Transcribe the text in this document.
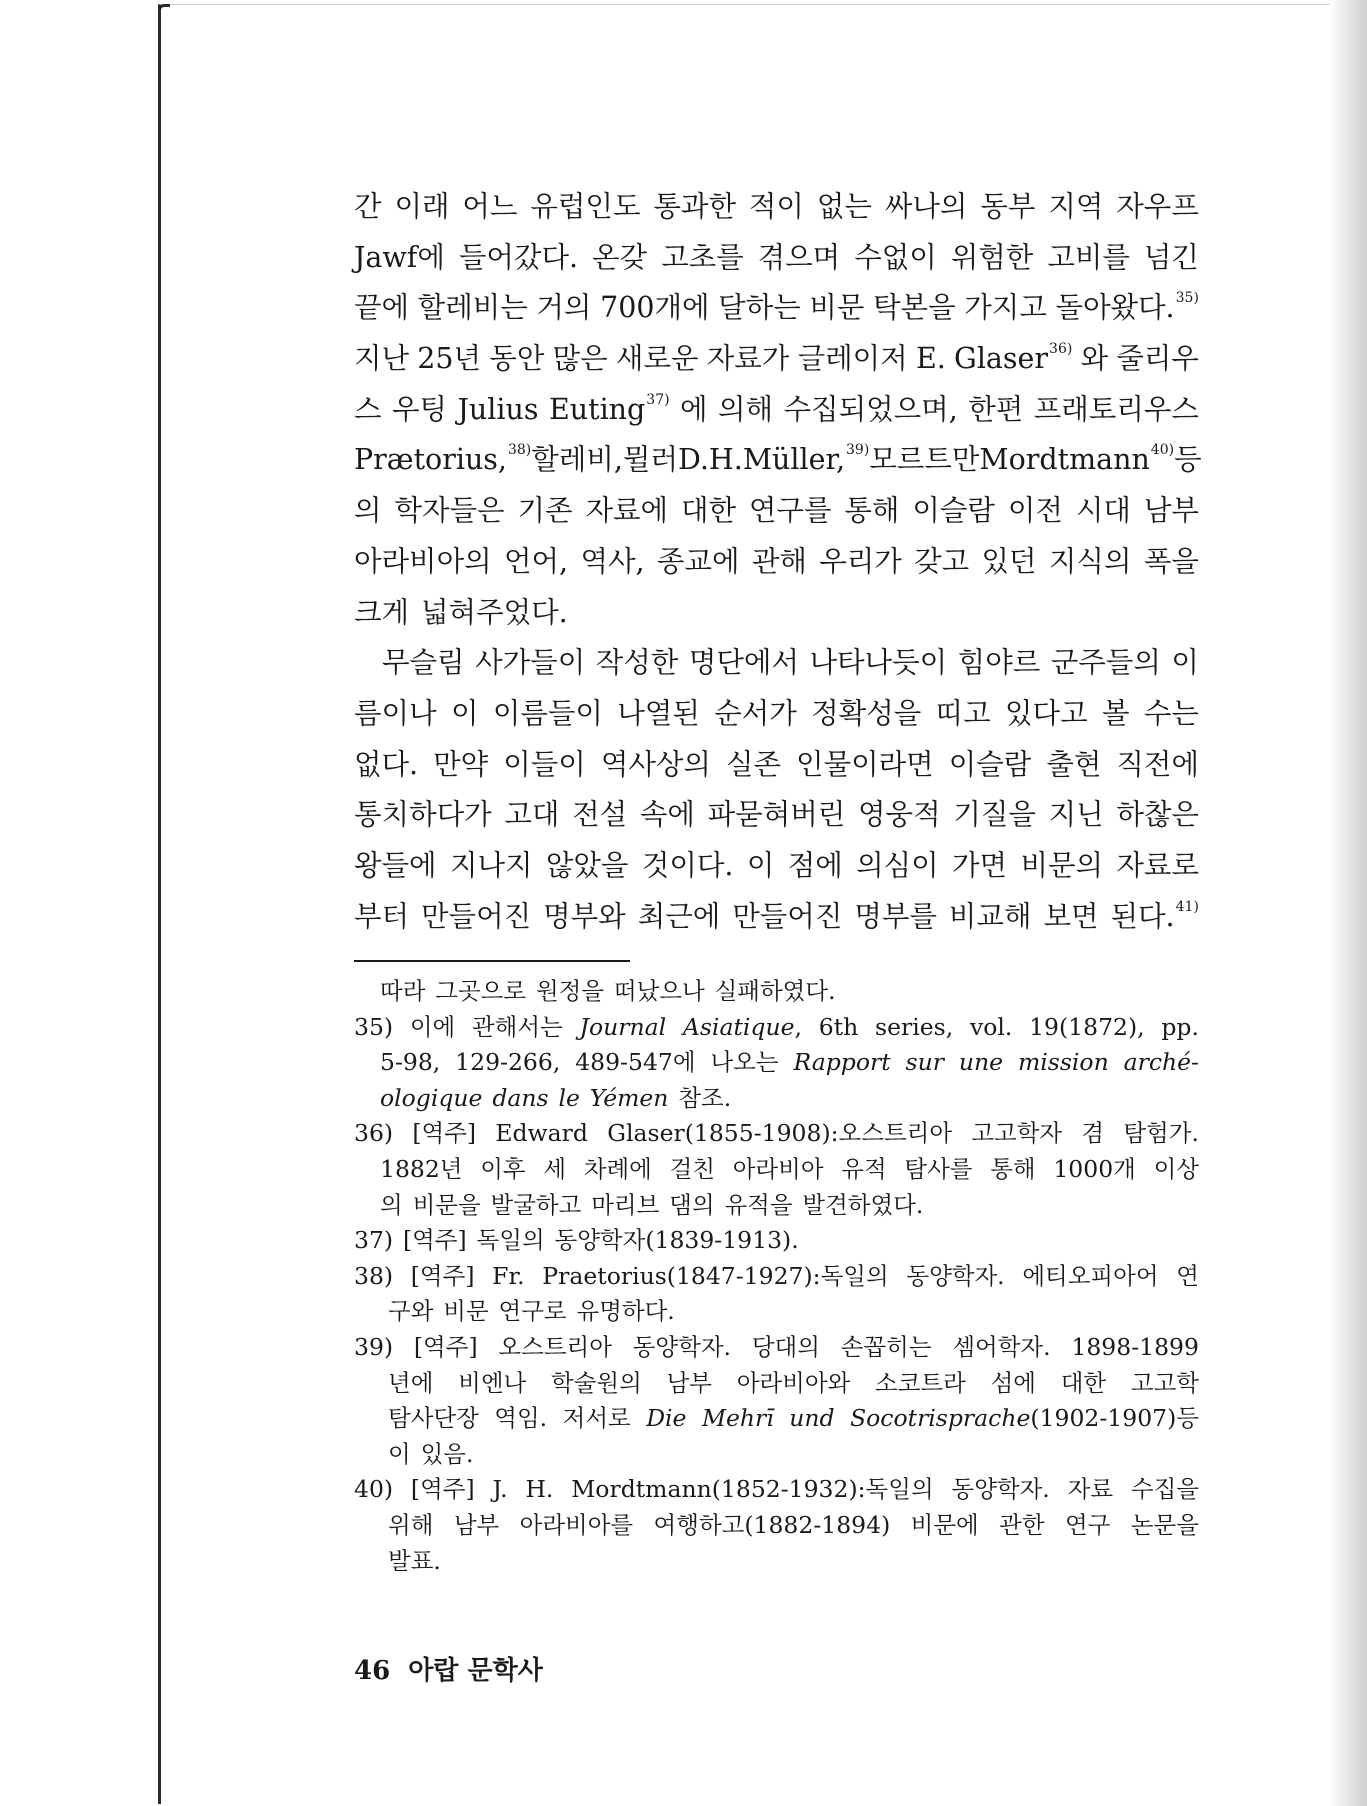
간 이래 어느 유럽인도 통과한 적이 없는 싸나의 동부 지역 자우프
Jawf에 들어갔다. 온갖 고초를 겪으며 수없이 위험한 고비를 넘긴
끝에 할레비는 거의 700개에 달하는 비문 탁본을 가지고 돌아왔다.$^{35)}$
지난 25년 동안 많은 새로운 자료가 글레이저 E. Glaser$^{36)}$ 와 줄리우
스 우팅 Julius Euting$^{37)}$ 에 의해 수집되었으며, 한편 프래토리우스
Prætorius,$^{38)}$ 할레비, 뮐러 D. H. Müller,$^{39)}$ 모르트만 Mordtmann$^{40)}$ 등
의 학자들은 기존 자료에 대한 연구를 통해 이슬람 이전 시대 남부
아라비아의 언어, 역사, 종교에 관해 우리가 갖고 있던 지식의 폭을
크게 넓혀주었다.
무슬림 사가들이 작성한 명단에서 나타나듯이 힘야르 군주들의 이
름이나 이 이름들이 나열된 순서가 정확성을 띠고 있다고 볼 수는
없다. 만약 이들이 역사상의 실존 인물이라면 이슬람 출현 직전에
통치하다가 고대 전설 속에 파묻혀버린 영웅적 기질을 지닌 하찮은
왕들에 지나지 않았을 것이다. 이 점에 의심이 가면 비문의 자료로
부터 만들어진 명부와 최근에 만들어진 명부를 비교해 보면 된다.$^{41)}$
따라 그곳으로 원정을 떠났으나 실패하였다.
35) 이에 관해서는 Journal Asiatique, 6th series, vol. 19(1872), pp.
5-98, 129-266, 489-547에 나오는 Rapport sur une mission arché-
ologique dans le Yémen 참조.
36) [역주] Edward Glaser(1855-1908):오스트리아 고고학자 겸 탐험가.
1882년 이후 세 차례에 걸친 아라비아 유적 탐사를 통해 1000개 이상
의 비문을 발굴하고 마리브 댐의 유적을 발견하였다.
37) [역주] 독일의 동양학자(1839-1913).
38) [역주] Fr. Praetorius(1847-1927):독일의 동양학자. 에티오피아어 연
구와 비문 연구로 유명하다.
39) [역주] 오스트리아 동양학자. 당대의 손꼽히는 셈어학자. 1898-1899
년에 비엔나 학술원의 남부 아라비아와 소코트라 섬에 대한 고고학
탐사단장 역임. 저서로 Die Mehrī und Socotrisprache(1902-1907)등
이 있음.
40) [역주] J. H. Mordtmann(1852-1932):독일의 동양학자. 자료 수집을
위해 남부 아라비아를 여행하고(1882-1894) 비문에 관한 연구 논문을
발표.
46 아랍 문학사
